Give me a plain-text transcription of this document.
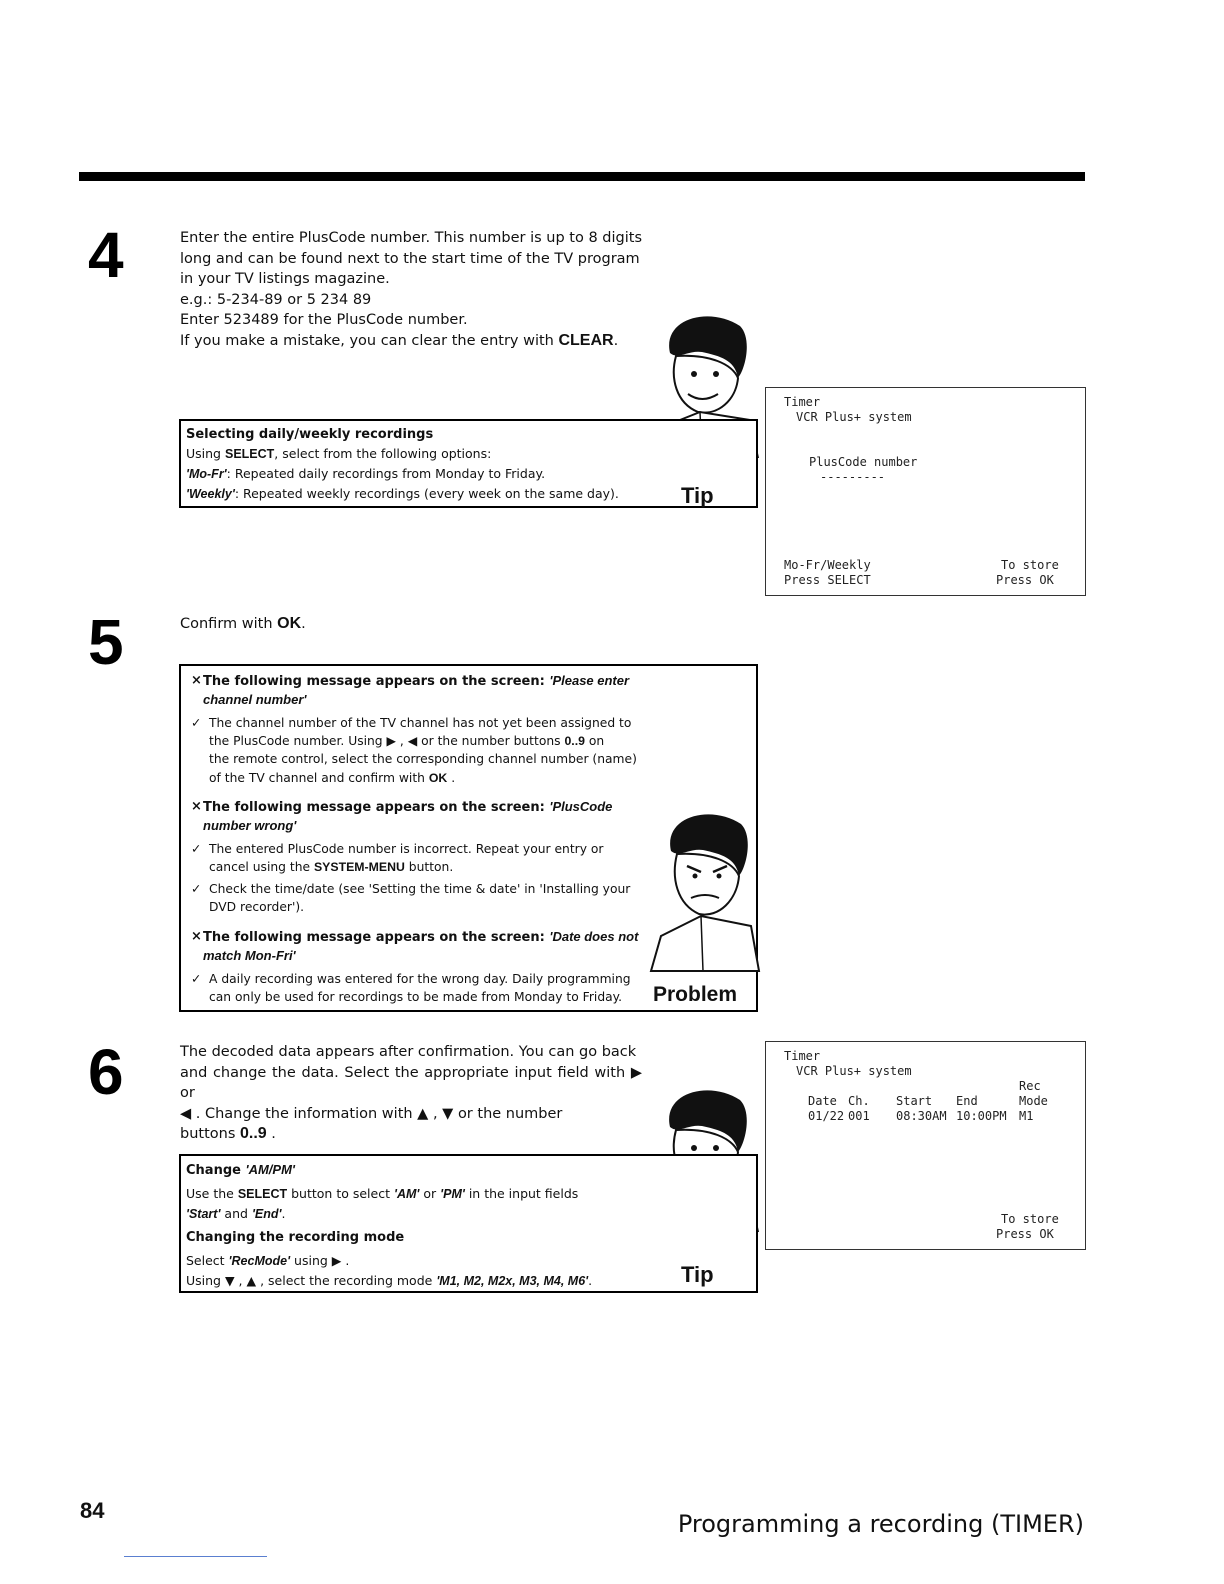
4	Enter the entire PlusCode number. This number is up to 8 digits

long and can be found next to the start time of the TV program

in your TV listings magazine.

e.g.: 5-234-89 or 5 234 89

Enter 523489 for the PlusCode number.

If you make a mistake, you can clear the entry with CLEAR.

Selecting daily/weekly recordings
Using SELECT, select from the following options:
'Mo-Fr': Repeated daily recordings from Monday to Friday.
'Weekly': Repeated weekly recordings (every week on the same day).	Tip
Timer
VCR Plus+ system
PlusCode number
---------
Mo-Fr/Weekly
Press SELECT
To store
Press OK
5	Confirm with OK.
× The following message appears on the screen: 'Please enter channel number'
✓ The channel number of the TV channel has not yet been assigned to
the PlusCode number. Using ▶ , ◀ or the number buttons 0..9 on
the remote control, select the corresponding channel number (name)
of the TV channel and confirm with OK .
× The following message appears on the screen: 'PlusCode number wrong'
✓ The entered PlusCode number is incorrect. Repeat your entry or
cancel using the SYSTEM-MENU button.
✓ Check the time/date (see 'Setting the time & date' in 'Installing your
DVD recorder').
× The following message appears on the screen: 'Date does not match Mon-Fri'
✓ A daily recording was entered for the wrong day. Daily programming
can only be used for recordings to be made from Monday to Friday.	Problem
6	The decoded data appears after confirmation. You can go back

and change the data. Select the appropriate input field with ▶ or

◀ . Change the information with ▲ , ▼ or the number

buttons 0..9 .

Change 'AM/PM'
Use the SELECT button to select 'AM' or 'PM' in the input fields
'Start' and 'End'.
Changing the recording mode
Select 'RecMode' using ▶ .
Using ▼ , ▲ , select the recording mode 'M1, M2, M2x, M3, M4, M6'.	Tip
Timer
VCR Plus+ system
Rec
Date Ch. Start End	Mode
01/22 001 08:30AM 10:00PM M1
To store
Press OK
84	Programming a recording (TIMER)
